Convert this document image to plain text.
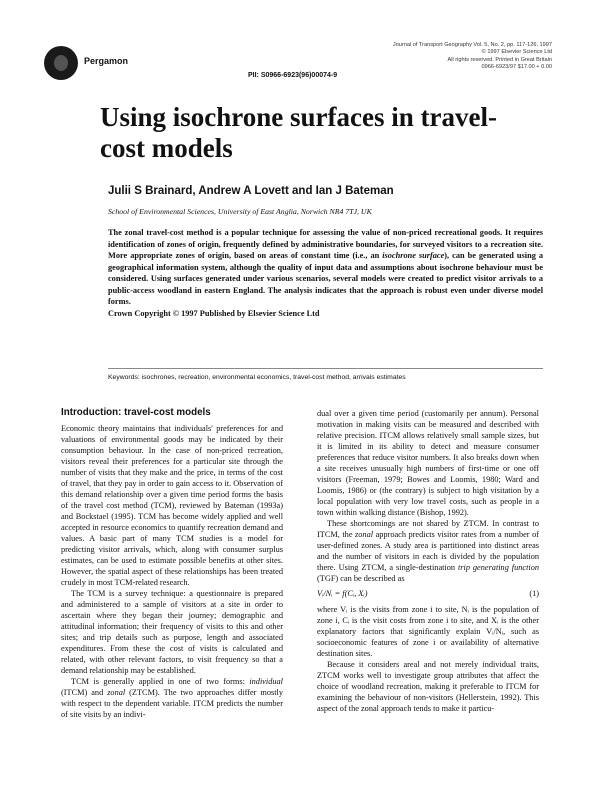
Pergamon
PII: S0966-6923(96)00074-9
Journal of Transport Geography Vol. 5, No. 2, pp. 117-126, 1997
© 1997 Elsevier Science Ltd
All rights reserved. Printed in Great Britain
0966-6923/97 $17.00 + 0.00
Using isochrone surfaces in travel-cost models
Julii S Brainard, Andrew A Lovett and Ian J Bateman
School of Environmental Sciences, University of East Anglia, Norwich NR4 7TJ, UK
The zonal travel-cost method is a popular technique for assessing the value of non-priced recreational goods. It requires identification of zones of origin, frequently defined by administrative boundaries, for surveyed visitors to a recreation site. More appropriate zones of origin, based on areas of constant time (i.e., an isochrone surface), can be generated using a geographical information system, although the quality of input data and assumptions about isochrone behaviour must be considered. Using surfaces generated under various scenarios, several models were created to predict visitor arrivals to a public-access woodland in eastern England. The analysis indicates that the approach is robust even under diverse model forms.
Crown Copyright © 1997 Published by Elsevier Science Ltd
Keywords: isochrones, recreation, environmental economics, travel-cost method, arrivals estimates
Introduction: travel-cost models

Economic theory maintains that individuals' preferences for and valuations of environmental goods may be indicated by their consumption behaviour. In the case of non-priced recreation, visitors reveal their preferences for a particular site through the number of visits that they make and the price, in terms of the cost of travel, that they pay in order to gain access to it. Observation of this demand relationship over a given time period forms the basis of the travel cost method (TCM), reviewed by Bateman (1993a) and Bockstael (1995). TCM has become widely applied and well accepted in resource economics to quantify recreation demand and values. A basic part of many TCM studies is a model for predicting visitor arrivals, which, along with consumer surplus estimates, can be used to estimate possible benefits at other sites. However, the spatial aspect of these relationships has been treated crudely in most TCM-related research.

The TCM is a survey technique: a questionnaire is prepared and administered to a sample of visitors at a site in order to ascertain where they began their journey; demographic and attitudinal information; their frequency of visits to this and other sites; and trip details such as purpose, length and associated expenditures. From these the cost of visits is calculated and related, with other relevant factors, to visit frequency so that a demand relationship may be established.

TCM is generally applied in one of two forms: individual (ITCM) and zonal (ZTCM). The two approaches differ mostly with respect to the dependent variable. ITCM predicts the number of site visits by an indivi-

dual over a given time period (customarily per annum). Personal motivation in making visits can be measured and described with relative precision. ITCM allows relatively small sample sizes, but it is limited in its ability to detect and measure consumer preferences that reduce visitor numbers. It also breaks down when a site receives unusually high numbers of first-time or one off visitors (Freeman, 1979; Bowes and Loomis, 1980; Ward and Loomis, 1986) or (the contrary) is subject to high visitation by a local population with very low travel costs, such as people in a town within walking distance (Bishop, 1992).

These shortcomings are not shared by ZTCM. In contrast to ITCM, the zonal approach predicts visitor rates from a number of user-defined zones. A study area is partitioned into distinct areas and the number of visitors in each is divided by the population there. Using ZTCM, a single-destination trip generating function (TGF) can be described as

Vᵢ/Nᵢ = f(Cᵢ, Xᵢ)	(1)

where Vᵢ is the visits from zone i to site, Nᵢ is the population of zone i, Cᵢ is the visit costs from zone i to site, and Xᵢ is the other explanatory factors that significantly explain Vᵢ/Nᵢ, such as socioeconomic features of zone i or availability of alternative destination sites.

Because it considers areal and not merely individual traits, ZTCM works well to investigate group attributes that affect the choice of woodland recreation, making it preferable to ITCM for examining the behaviour of non-visitors (Hellerstein, 1992). This aspect of the zonal approach tends to make it particu-
